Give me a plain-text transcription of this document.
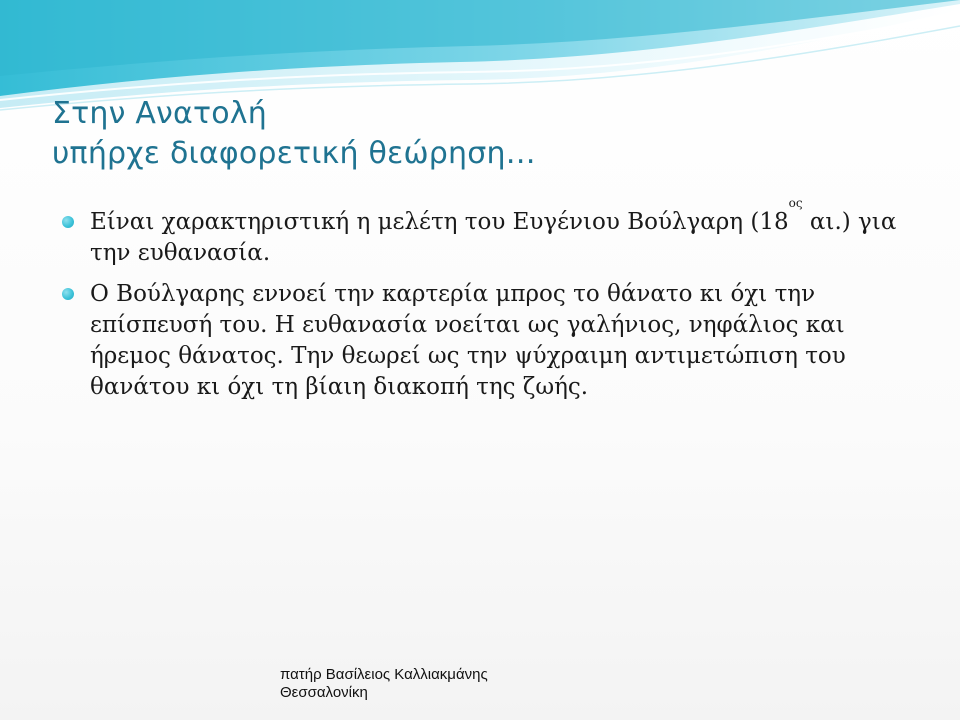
Στην Ανατολή
υπήρχε διαφορετική θεώρηση…
Είναι χαρακτηριστική η μελέτη του Ευγένιου Βούλγαρη ($18^{o\varsigma}$ αι.) για την ευθανασία.
Ο Βούλγαρης εννοεί την καρτερία μπρος το θάνατο κι όχι την επίσπευσή του. Η ευθανασία νοείται ως γαλήνιος, νηφάλιος και ήρεμος θάνατος. Την θεωρεί ως την ψύχραιμη αντιμετώπιση του θανάτου κι όχι τη βίαιη διακοπή της ζωής.
πατήρ Βασίλειος Καλλιακμάνης
Θεσσαλονίκη
